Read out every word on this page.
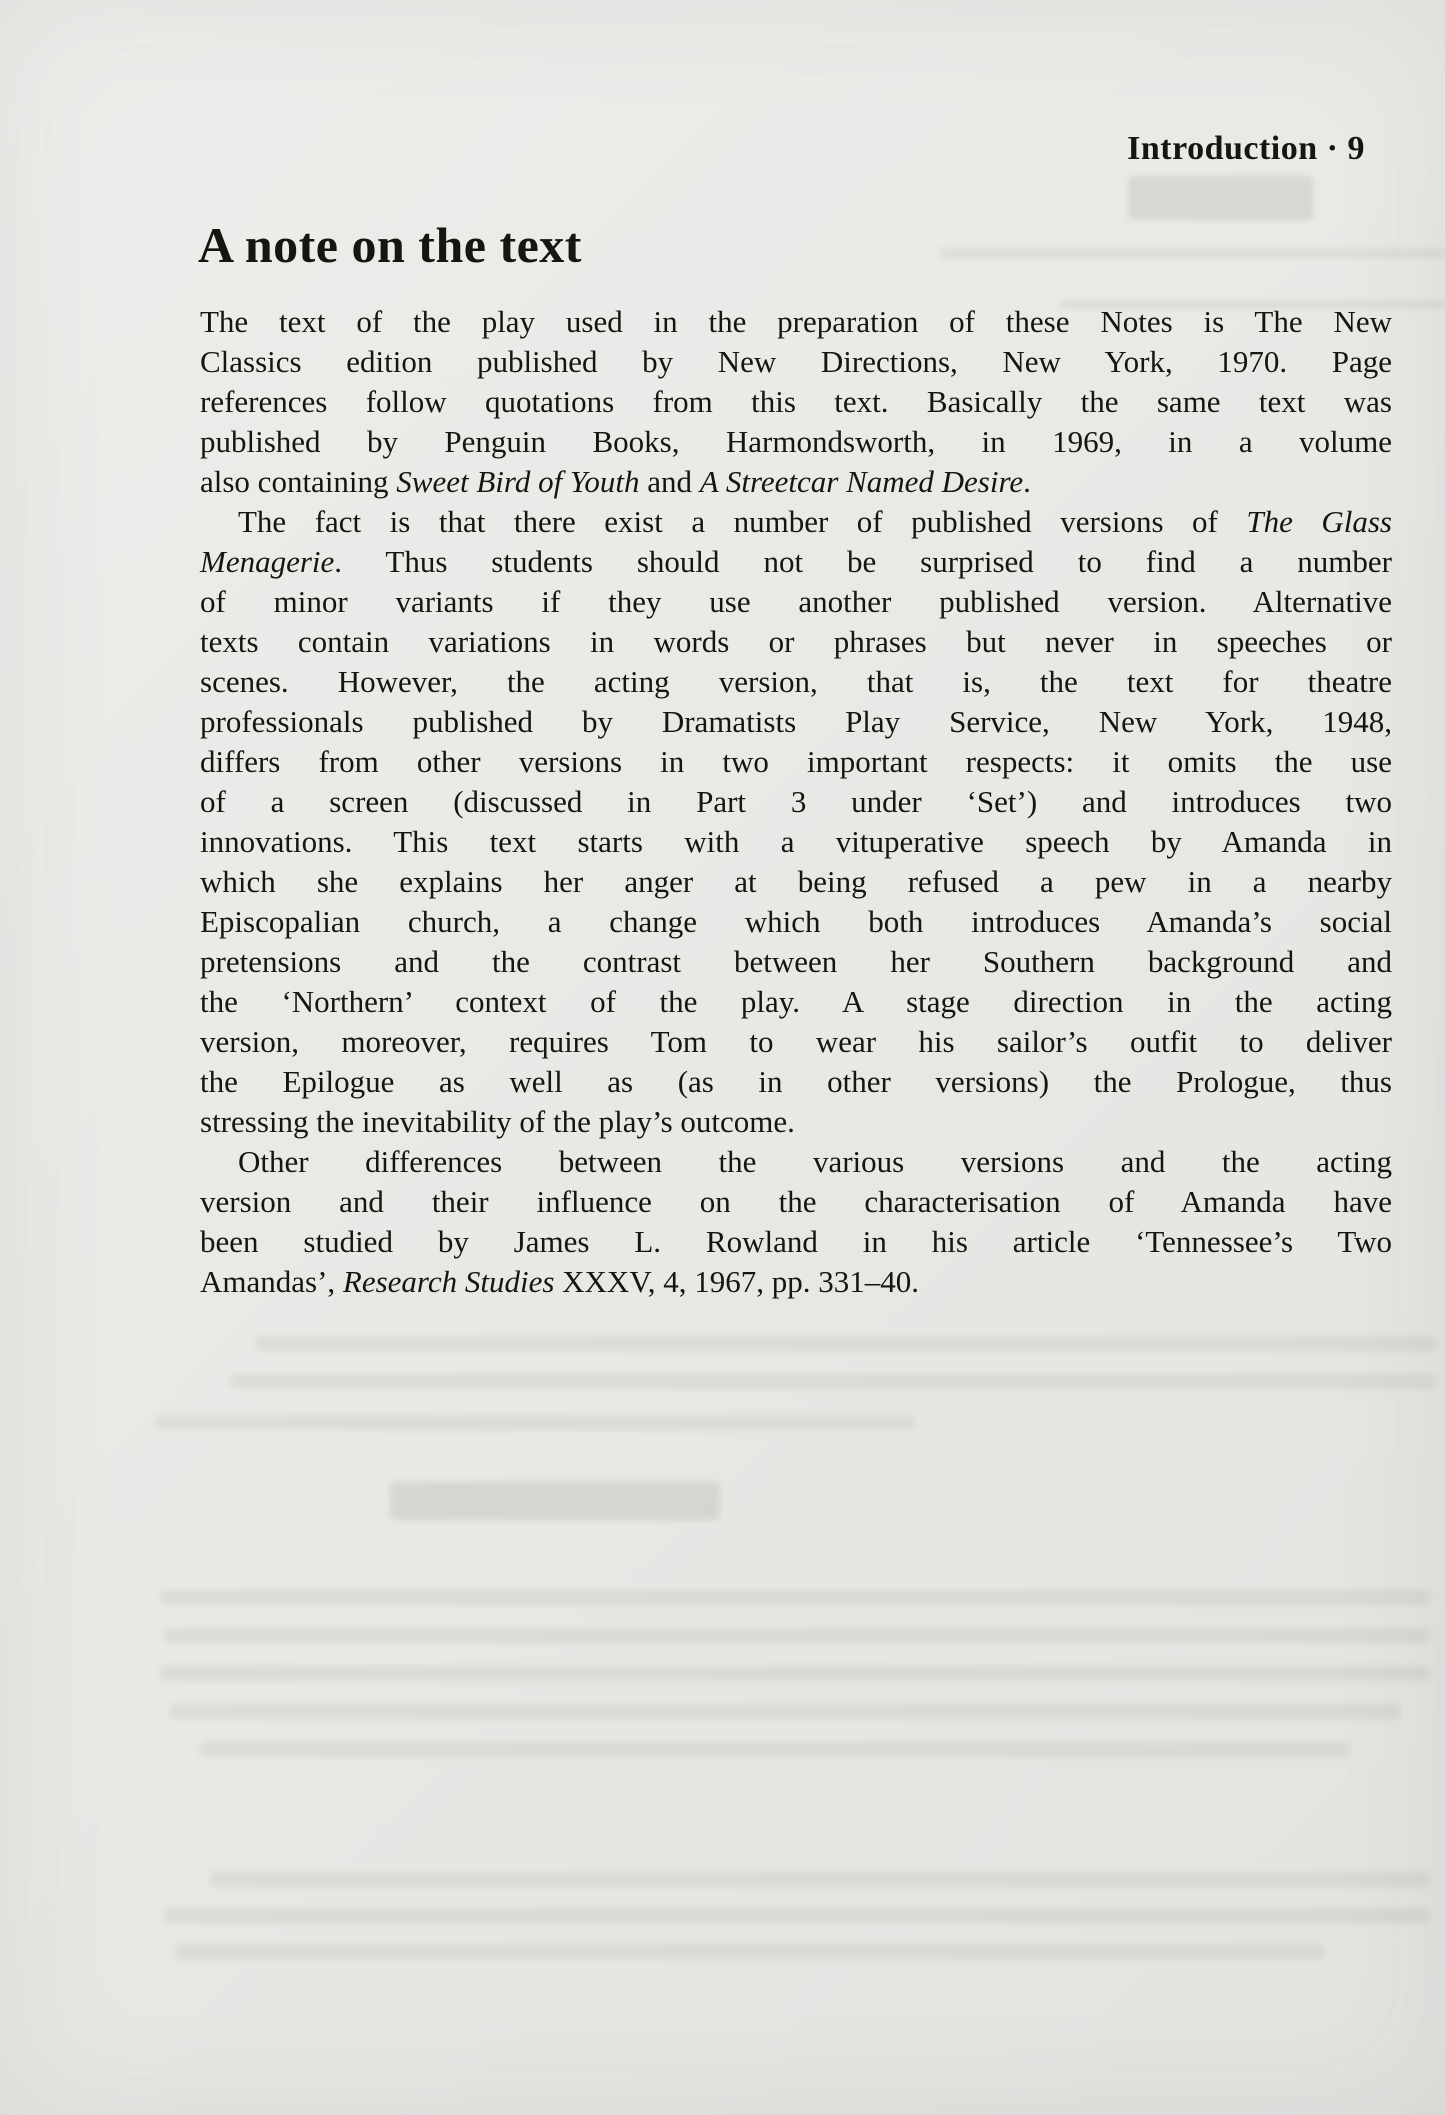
Introduction · 9
A note on the text
The text of the play used in the preparation of these Notes is The New
Classics edition published by New Directions, New York, 1970. Page
references follow quotations from this text. Basically the same text was
published by Penguin Books, Harmondsworth, in 1969, in a volume
also containing Sweet Bird of Youth and A Streetcar Named Desire.
The fact is that there exist a number of published versions of The Glass
Menagerie. Thus students should not be surprised to find a number
of minor variants if they use another published version. Alternative
texts contain variations in words or phrases but never in speeches or
scenes. However, the acting version, that is, the text for theatre
professionals published by Dramatists Play Service, New York, 1948,
differs from other versions in two important respects: it omits the use
of a screen (discussed in Part 3 under ‘Set’) and introduces two
innovations. This text starts with a vituperative speech by Amanda in
which she explains her anger at being refused a pew in a nearby
Episcopalian church, a change which both introduces Amanda’s social
pretensions and the contrast between her Southern background and
the ‘Northern’ context of the play. A stage direction in the acting
version, moreover, requires Tom to wear his sailor’s outfit to deliver
the Epilogue as well as (as in other versions) the Prologue, thus
stressing the inevitability of the play’s outcome.
Other differences between the various versions and the acting
version and their influence on the characterisation of Amanda have
been studied by James L. Rowland in his article ‘Tennessee’s Two
Amandas’, Research Studies XXXV, 4, 1967, pp. 331–40.
